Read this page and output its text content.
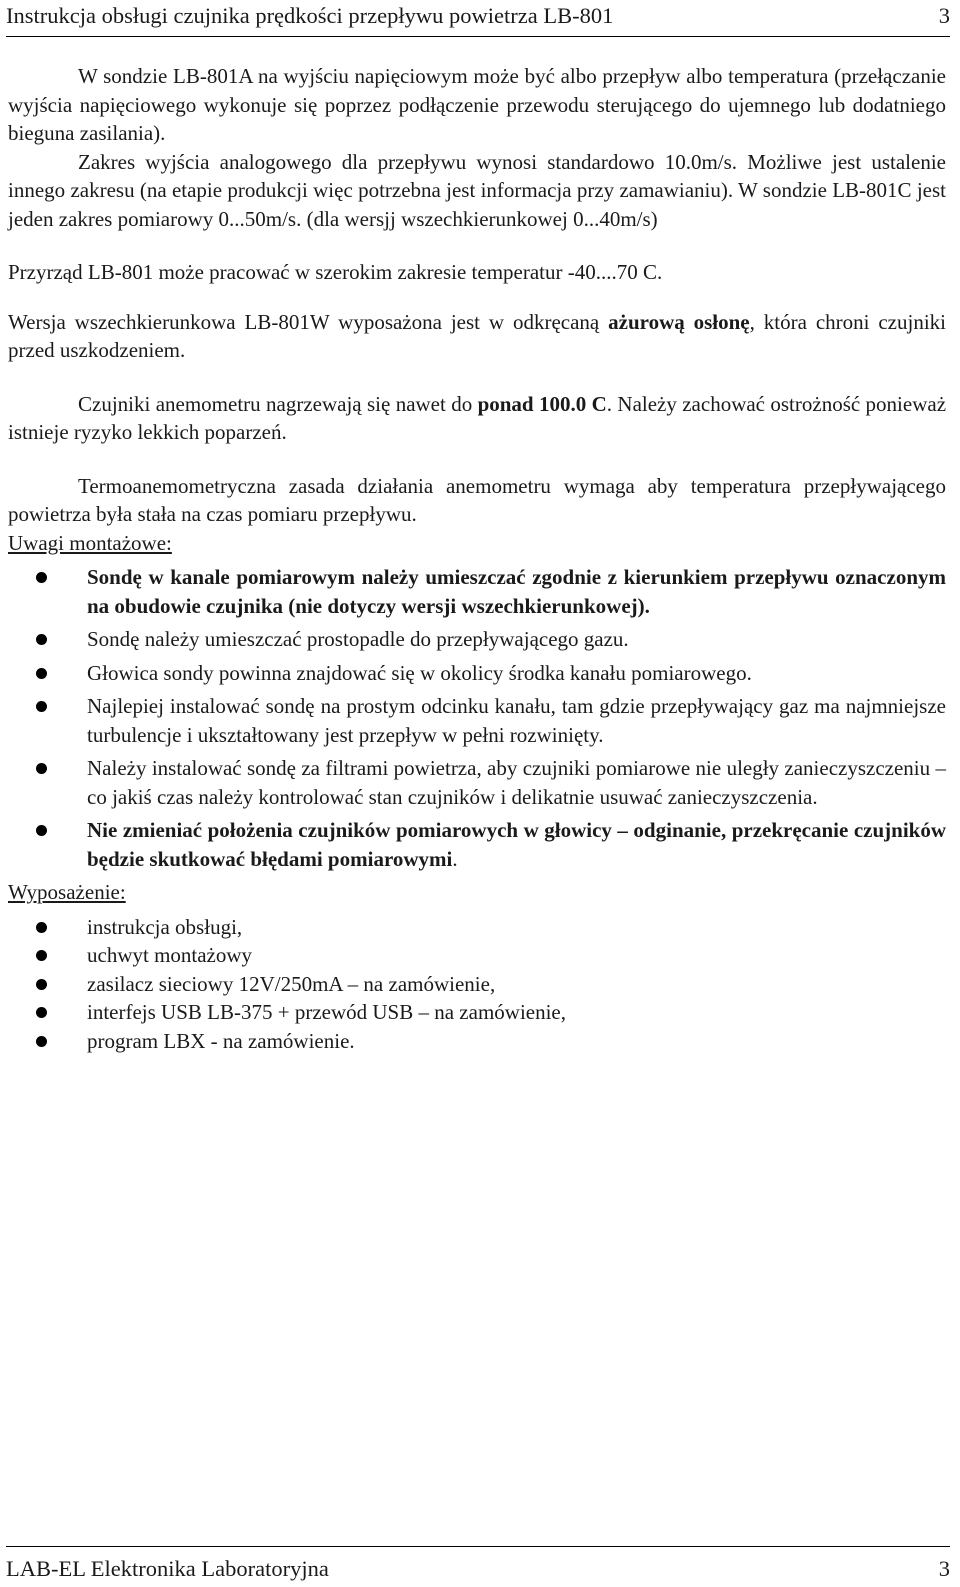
Instrukcja obsługi czujnika prędkości przepływu powietrza LB-801	3

W sondzie LB-801A na wyjściu napięciowym może być albo przepływ albo temperatura (przełączanie wyjścia napięciowego wykonuje się poprzez podłączenie przewodu sterującego do ujemnego lub dodatniego bieguna zasilania).

Zakres wyjścia analogowego dla przepływu wynosi standardowo 10.0m/s. Możliwe jest ustalenie innego zakresu (na etapie produkcji więc potrzebna jest informacja przy zamawianiu). W sondzie LB-801C jest jeden zakres pomiarowy 0...50m/s. (dla wersjj wszechkierunkowej 0...40m/s)

Przyrząd LB-801 może pracować w szerokim zakresie temperatur -40....70 C.

Wersja wszechkierunkowa LB-801W wyposażona jest w odkręcaną ażurową osłonę, która chroni czujniki przed uszkodzeniem.

Czujniki anemometru nagrzewają się nawet do ponad 100.0 C. Należy zachować ostrożność ponieważ istnieje ryzyko lekkich poparzeń.

Termoanemometryczna zasada działania anemometru wymaga aby temperatura przepływającego powietrza była stała na czas pomiaru przepływu.

Uwagi montażowe:

Sondę w kanale pomiarowym należy umieszczać zgodnie z kierunkiem przepływu oznaczonym na obudowie czujnika (nie dotyczy wersji wszechkierunkowej).
Sondę należy umieszczać prostopadle do przepływającego gazu.
Głowica sondy powinna znajdować się w okolicy środka kanału pomiarowego.
Najlepiej instalować sondę na prostym odcinku kanału, tam gdzie przepływający gaz ma najmniejsze turbulencje i ukształtowany jest przepływ w pełni rozwinięty.
Należy instalować sondę za filtrami powietrza, aby czujniki pomiarowe nie uległy zanieczyszczeniu – co jakiś czas należy kontrolować stan czujników i delikatnie usuwać zanieczyszczenia.
Nie zmieniać położenia czujników pomiarowych w głowicy – odginanie, przekręcanie czujników będzie skutkować błędami pomiarowymi.

Wyposażenie:

instrukcja obsługi,
uchwyt montażowy
zasilacz sieciowy 12V/250mA – na zamówienie,
interfejs USB LB-375 + przewód USB – na zamówienie,
program LBX - na zamówienie.
LAB-EL Elektronika Laboratoryjna	3
